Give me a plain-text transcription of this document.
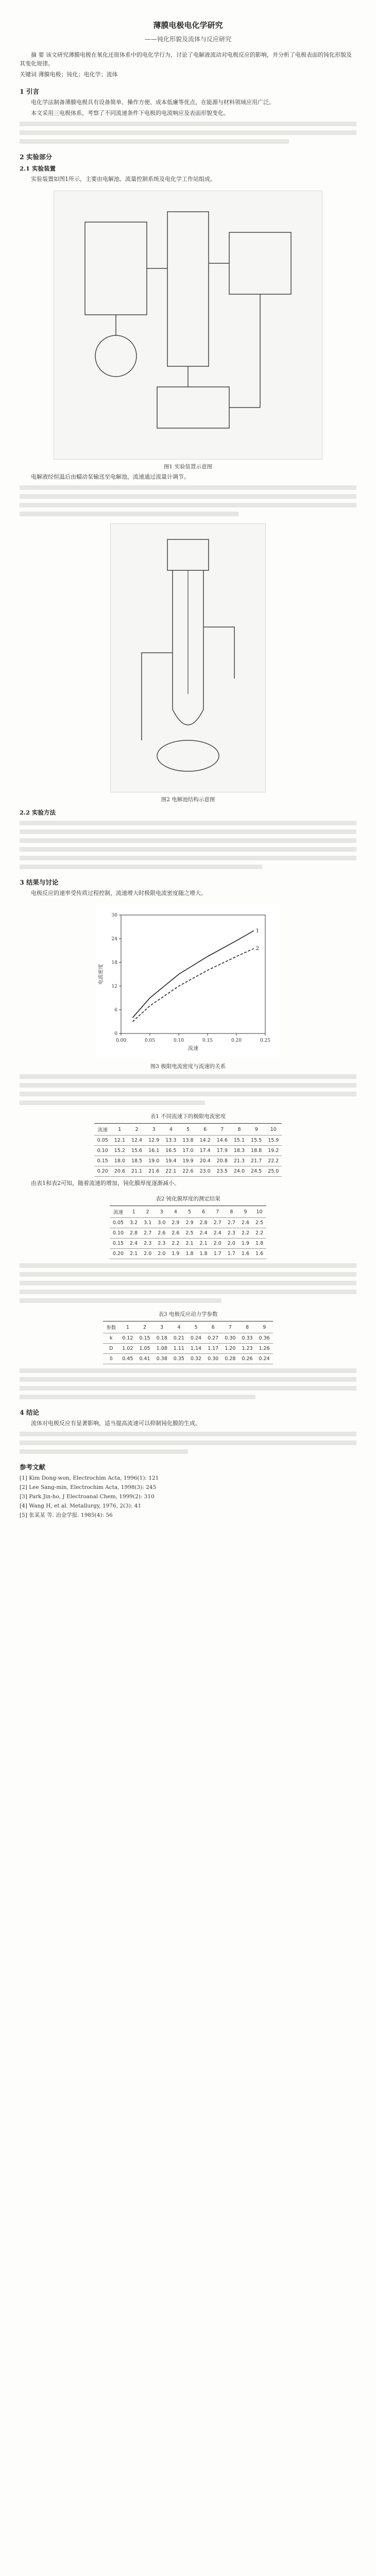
薄膜电极电化学研究
——钝化形貌及流体与反应研究
摘 要 该文研究薄膜电极在氧化还原体系中的电化学行为，讨论了电解液流动对电极反应的影响，并分析了电极表面的钝化形貌及其变化规律。
关键词 薄膜电极；钝化；电化学；流体
1 引言
电化学法制备薄膜电极具有设备简单、操作方便、成本低廉等优点，在能源与材料领域应用广泛。
本文采用三电极体系，考察了不同流速条件下电极的电流响应及表面形貌变化。
2 实验部分
2.1 实验装置
实验装置如图1所示，主要由电解池、流量控制系统及电化学工作站组成。
图1 实验装置示意图
电解液经恒温后由蠕动泵输送至电解池，流速通过流量计调节。
图2 电解池结构示意图
2.2 实验方法
3 结果与讨论
电极反应的速率受传质过程控制，流速增大时极限电流密度随之增大。
0.00
0
0.05
6
0.10
12
0.15
18
0.20
24
0.25
30
流速
电流密度
1
2
图3 极限电流密度与流速的关系
表1 不同流速下的极限电流密度
流速	1	2	3	4	5	6	7	8	9	10
0.05	12.1	12.4	12.9	13.3	13.8	14.2	14.6	15.1	15.5	15.9
0.10	15.2	15.6	16.1	16.5	17.0	17.4	17.9	18.3	18.8	19.2
0.15	18.0	18.5	19.0	19.4	19.9	20.4	20.8	21.3	21.7	22.2
0.20	20.6	21.1	21.6	22.1	22.6	23.0	23.5	24.0	24.5	25.0
由表1和表2可知，随着流速的增加，钝化膜厚度逐渐减小。
表2 钝化膜厚度的测定结果
流速	1	2	3	4	5	6	7	8	9	10
0.05	3.2	3.1	3.0	2.9	2.9	2.8	2.7	2.7	2.6	2.5
0.10	2.8	2.7	2.6	2.6	2.5	2.4	2.4	2.3	2.2	2.2
0.15	2.4	2.3	2.3	2.2	2.1	2.1	2.0	2.0	1.9	1.8
0.20	2.1	2.0	2.0	1.9	1.8	1.8	1.7	1.7	1.6	1.6
表3 电极反应动力学参数
参数	1	2	3	4	5	6	7	8	9
k	0.12	0.15	0.18	0.21	0.24	0.27	0.30	0.33	0.36
D	1.02	1.05	1.08	1.11	1.14	1.17	1.20	1.23	1.26
δ	0.45	0.41	0.38	0.35	0.32	0.30	0.28	0.26	0.24
4 结论
流体对电极反应有显著影响，适当提高流速可以抑制钝化膜的生成。
参考文献
[1] Kim Dong-won, Electrochim Acta, 1996(1): 121
[2] Lee Sang-min, Electrochim Acta, 1998(3): 245
[3] Park Jin-ho, J Electroanal Chem, 1999(2): 310
[4] Wang H, et al. Metallurgy, 1976, 2(3): 41
[5] 张某某 等. 冶金学报. 1985(4): 56
